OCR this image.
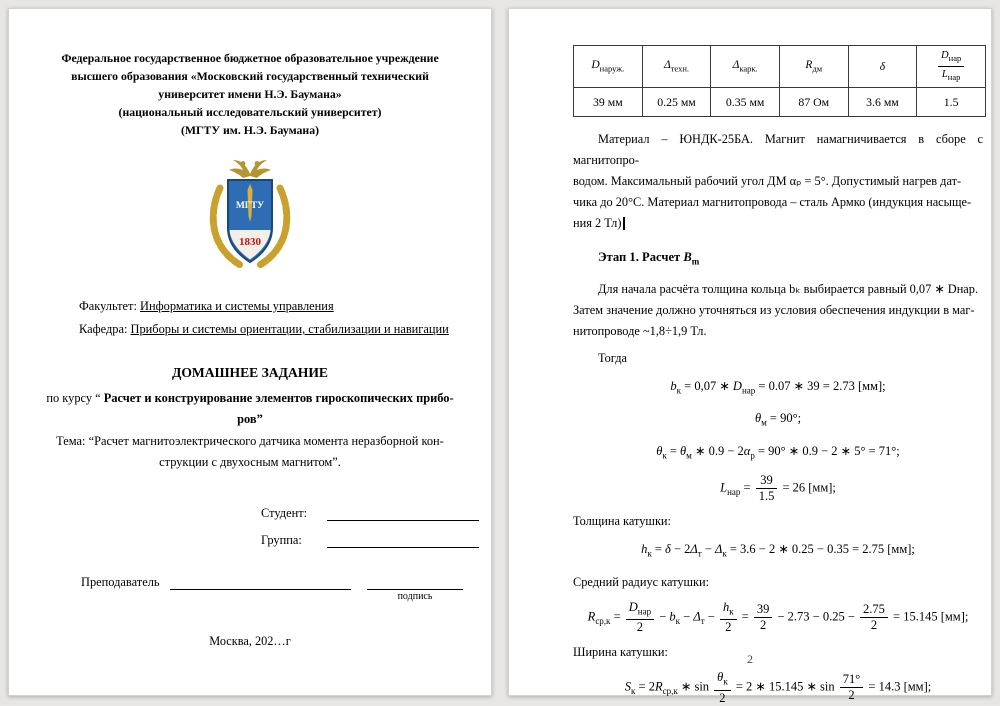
Федеральное государственное бюджетное образовательное учреждение
высшего образования «Московский государственный технический
университет имени Н.Э. Баумана»
(национальный исследовательский университет)
(МГТУ им. Н.Э. Баумана)
МГТУ
1830
Факультет: Информатика и системы управления
Кафедра: Приборы и системы ориентации, стабилизации и навигации
ДОМАШНЕЕ ЗАДАНИЕ
по курсу “ Расчет и конструирование элементов гироскопических прибо-
ров”
Тема: “Расчет магнитоэлектрического датчика момента неразборной кон-
струкции с двухосным магнитом”.
Студент:
Группа:
Преподаватель
подпись
Москва, 202…г
$D_{наруж.}$	$\Delta_{техн.}$	$\Delta_{карк.}$	$R_{дм}$	δ	$\frac{D_{нар}}{L_{нар}}$

39 мм	0.25 мм	0.35 мм	87 Ом	3.6 мм	1.5
Материал – ЮНДК-25БА. Магнит намагничивается в сборе с магнитопро-
водом. Максимальный рабочий угол ДМ αₚ = 5°. Допустимый нагрев дат-
чика до 20°С. Материал магнитопровода – сталь Армко (индукция насыще-
ния 2 Тл)
Этап 1. Расчет $B_m$
Для начала расчёта толщина кольца bₖ выбирается равный 0,07 ∗ Dнар.
Затем значение должно уточняться из условия обеспечения индукции в маг-
нитопроводе ~1,8÷1,9 Тл.
Тогда
$b_к = 0,07$ ∗ $D_{нар} = 0.07$ ∗ 39 = 2.73 [мм];
$\theta_м = 90^\circ$;
$\theta_к = \theta_м$ ∗ $0.9 - 2\alpha_p = 90^\circ$ ∗ 0.9 − 2 ∗ 5° = 71°;
$L_{нар} = \frac{39}{1.5} = 26$ [мм];
Толщина катушки:
$h_к = \delta - 2\Delta_т - \Delta_к = 3.6 - 2$ ∗ 0.25 − 0.35 = 2.75 [мм];
Средний радиус катушки:
$R_{ср,к} = \frac{D_{нар}}{2} - b_к - \Delta_т - \frac{h_к}{2} = \frac{39}{2} - 2.73 - 0.25 - \frac{2.75}{2} = 15.145$ [мм];
Ширина катушки:
$S_к = 2R_{ср,к}$ ∗ $\sin \frac{\theta_к}{2} = 2$ ∗ 15.145 ∗ $\sin \frac{71^\circ}{2} = 14.3$ [мм];
2
